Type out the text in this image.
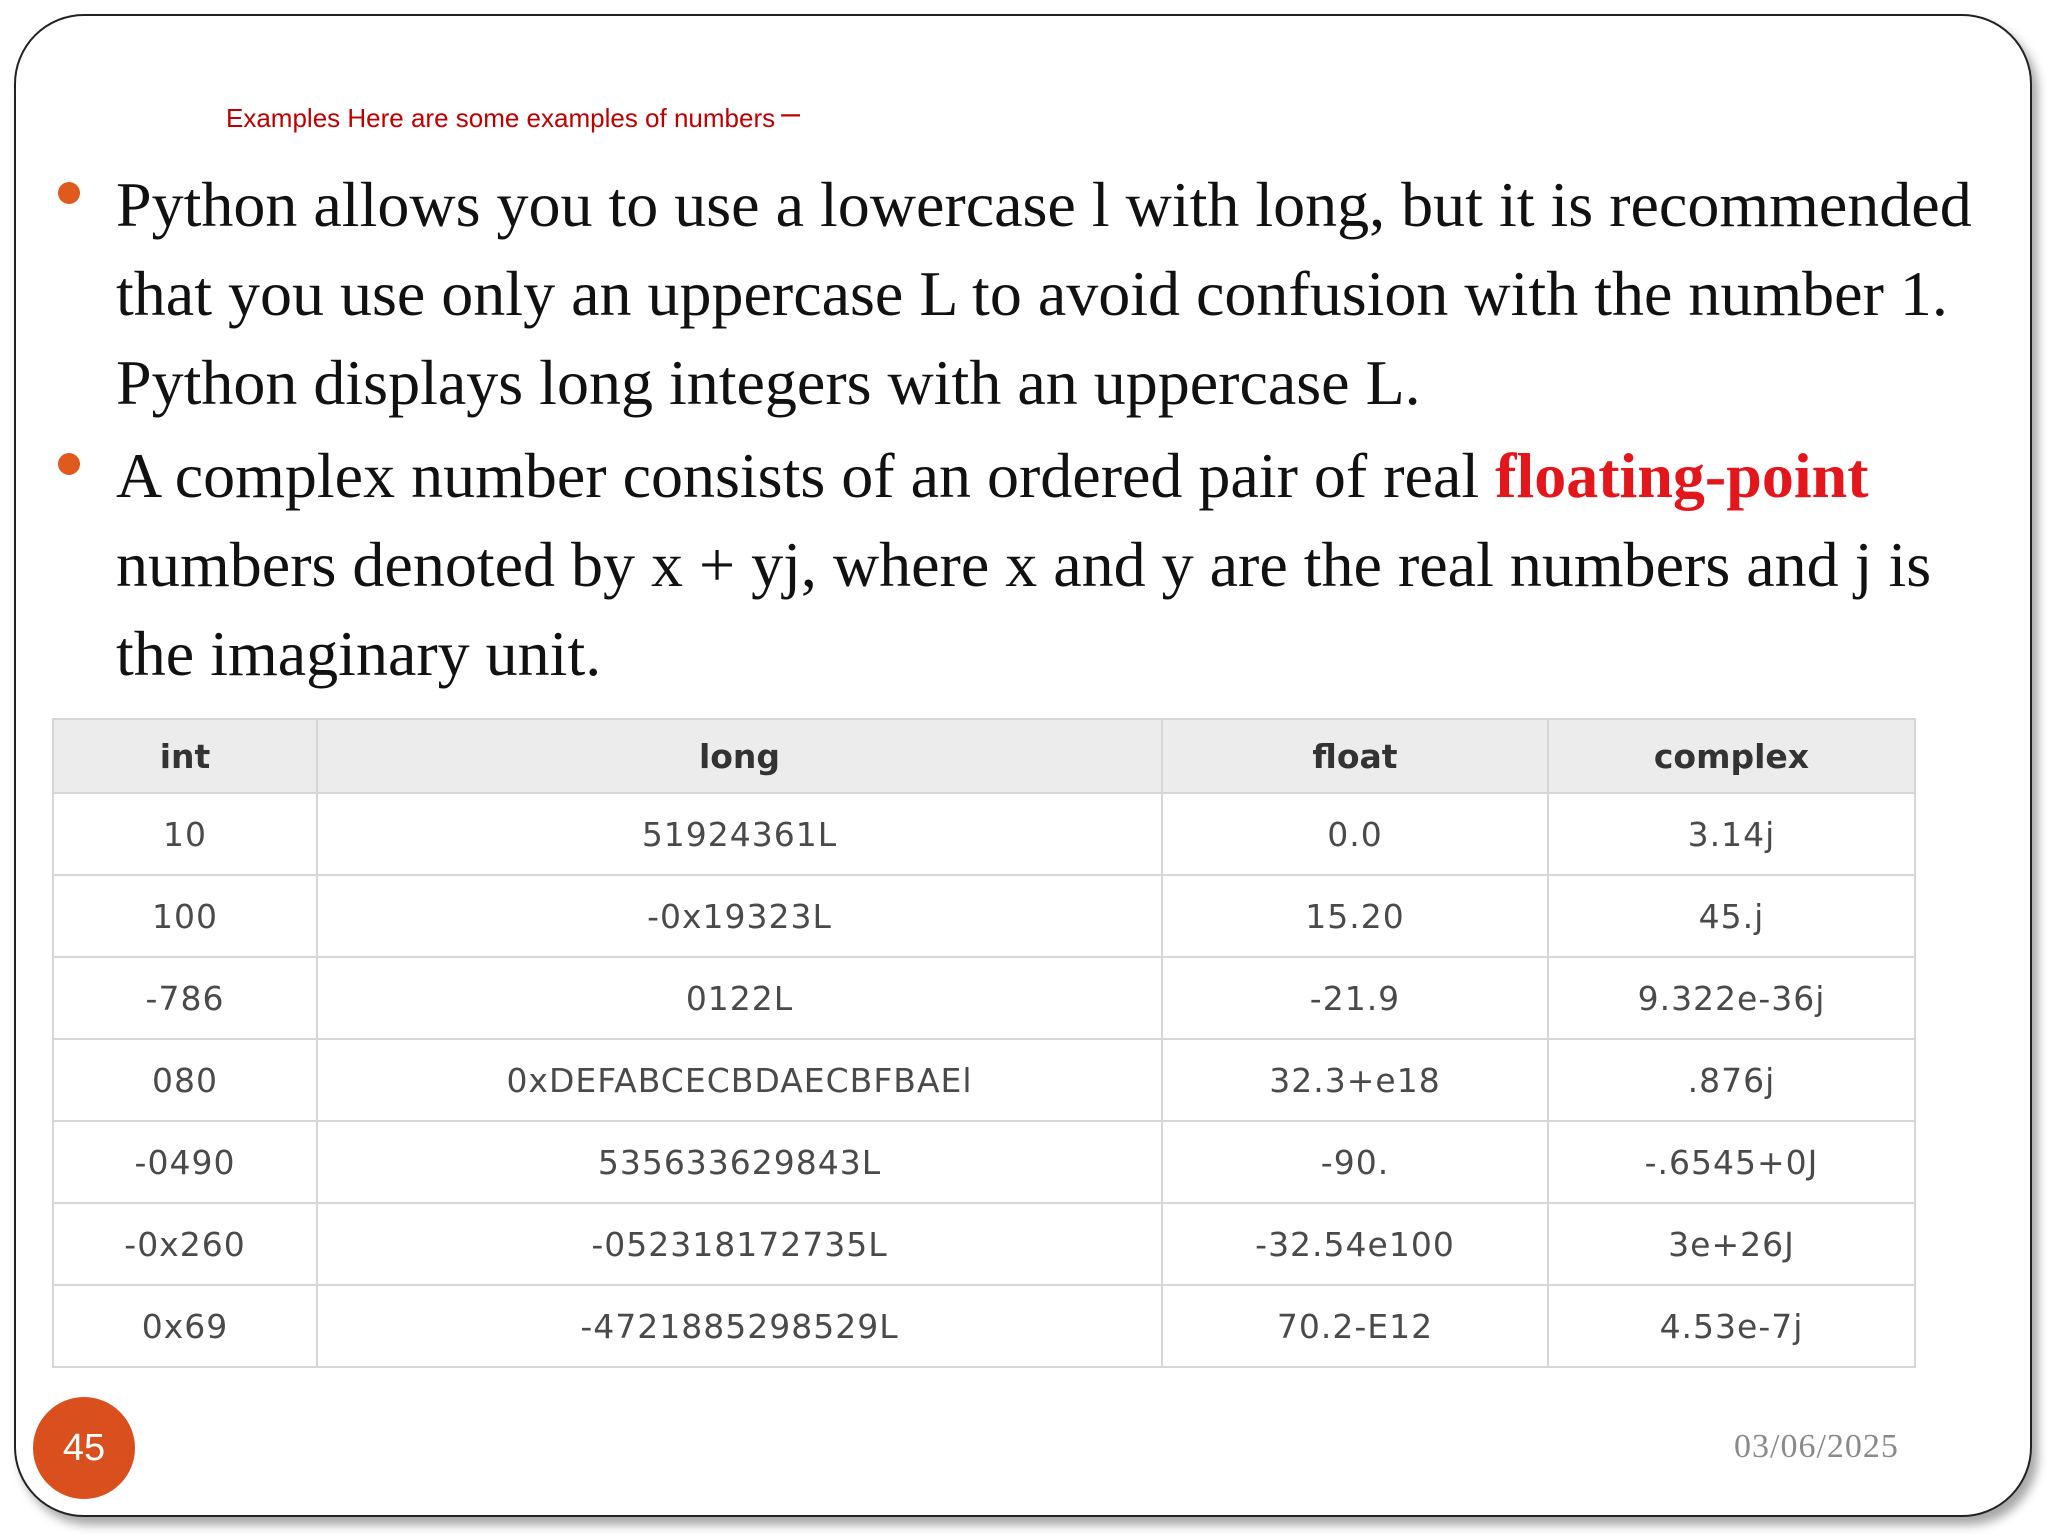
Examples Here are some examples of numbers –
Python allows you to use a lowercase l with long, but it is recommended that you use only an uppercase L to avoid confusion with the number 1. Python displays long integers with an uppercase L.
A complex number consists of an ordered pair of real floating-point numbers denoted by x + yj, where x and y are the real numbers and j is the imaginary unit.
int	long	float	complex
10	51924361L	0.0	3.14j
100	-0x19323L	15.20	45.j
-786	0122L	-21.9	9.322e-36j
080	0xDEFABCECBDAECBFBAEl	32.3+e18	.876j
-0490	535633629843L	-90.	-.6545+0J
-0x260	-052318172735L	-32.54e100	3e+26J
0x69	-4721885298529L	70.2-E12	4.53e-7j
45	03/06/2025
